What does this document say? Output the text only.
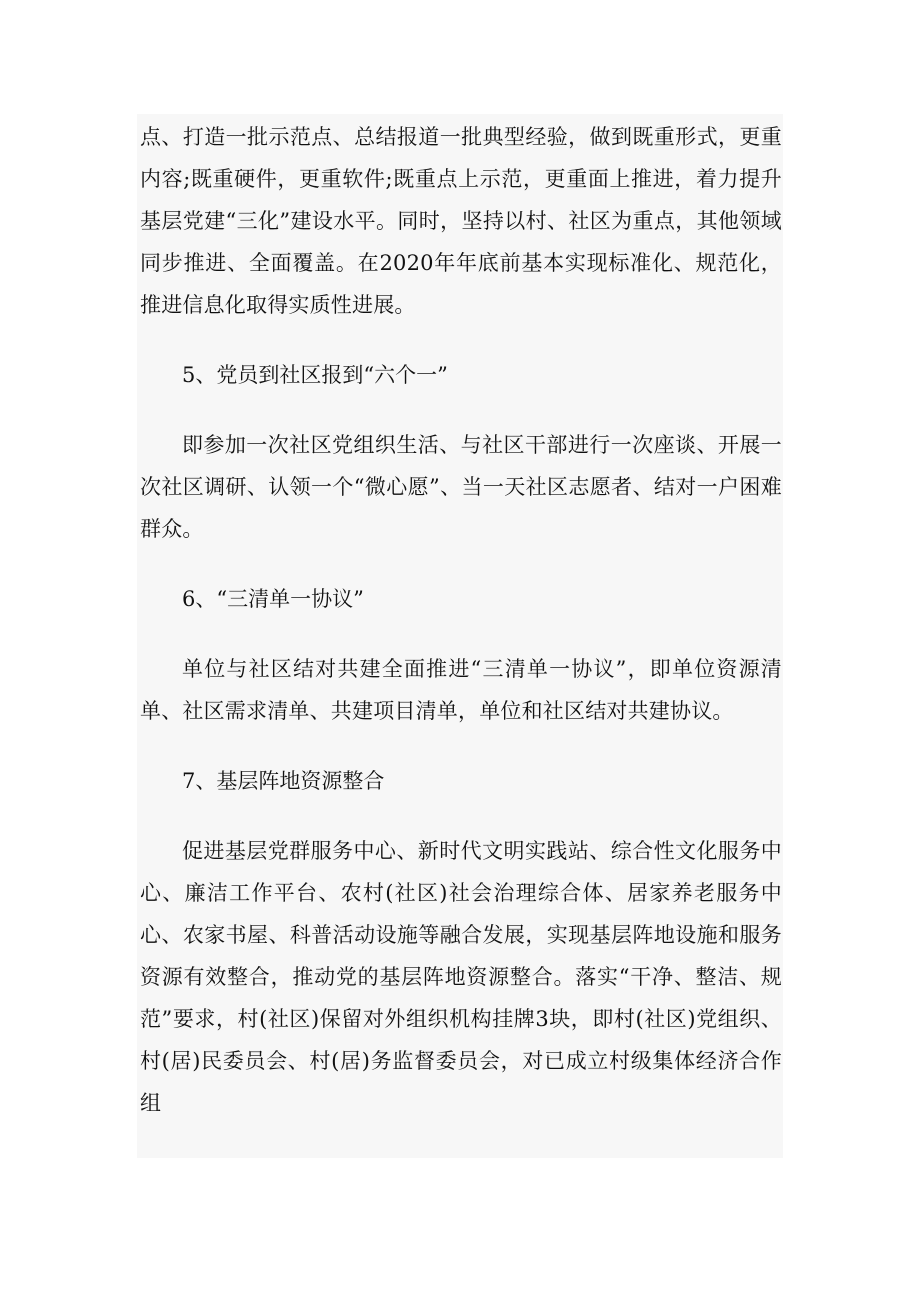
点、打造一批示范点、总结报道一批典型经验，做到既重形式，更重内容;既重硬件，更重软件;既重点上示范，更重面上推进，着力提升基层党建“三化”建设水平。同时，坚持以村、社区为重点，其他领域同步推进、全面覆盖。在2020年年底前基本实现标准化、规范化，推进信息化取得实质性进展。

5、党员到社区报到“六个一”

即参加一次社区党组织生活、与社区干部进行一次座谈、开展一次社区调研、认领一个“微心愿”、当一天社区志愿者、结对一户困难群众。

6、“三清单一协议”

单位与社区结对共建全面推进“三清单一协议”，即单位资源清单、社区需求清单、共建项目清单，单位和社区结对共建协议。

7、基层阵地资源整合

促进基层党群服务中心、新时代文明实践站、综合性文化服务中心、廉洁工作平台、农村(社区)社会治理综合体、居家养老服务中心、农家书屋、科普活动设施等融合发展，实现基层阵地设施和服务资源有效整合，推动党的基层阵地资源整合。落实“干净、整洁、规范”要求，村(社区)保留对外组织机构挂牌3块，即村(社区)党组织、村(居)民委员会、村(居)务监督委员会，对已成立村级集体经济合作组
